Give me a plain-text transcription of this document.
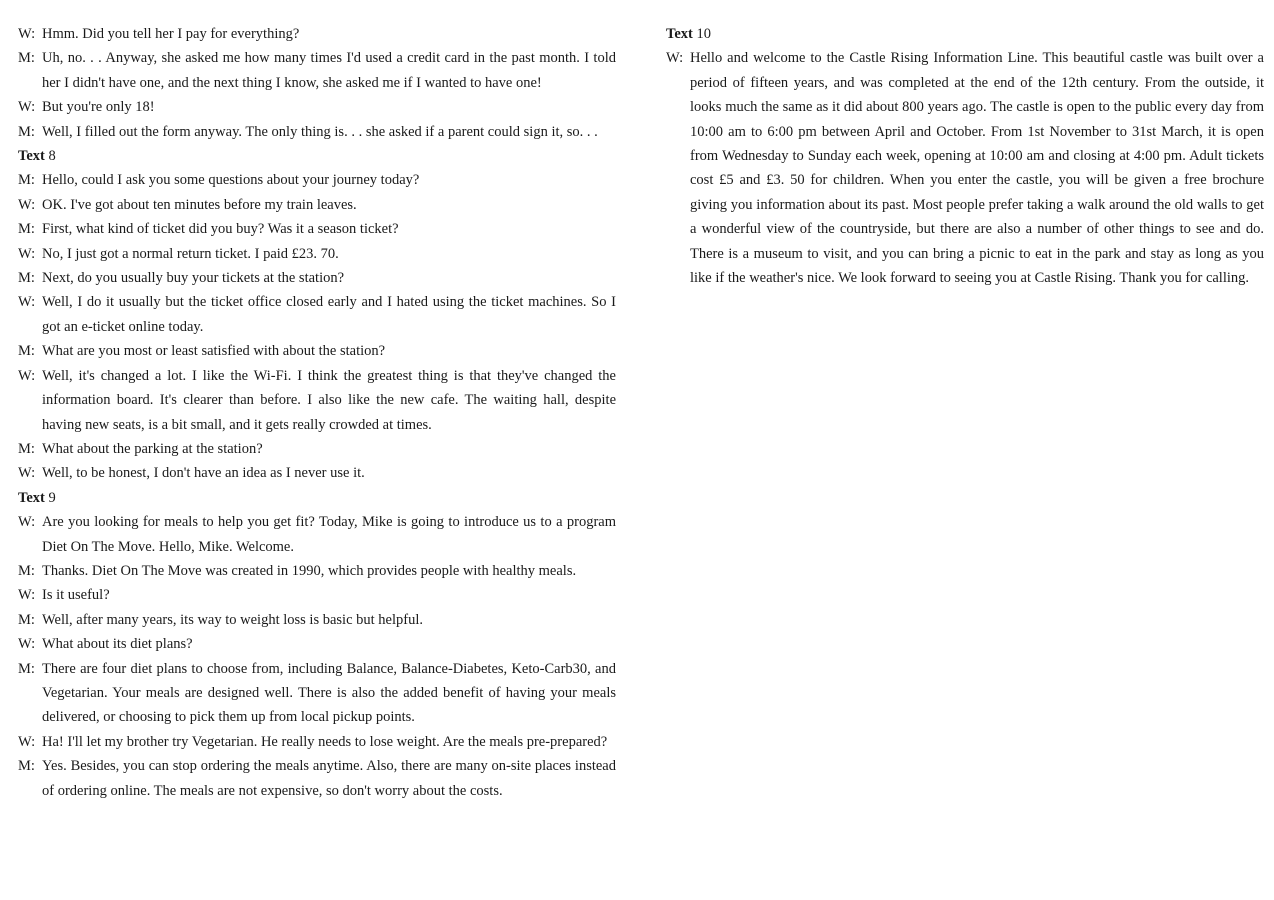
W: Hmm. Did you tell her I pay for everything?
M: Uh, no. . . Anyway, she asked me how many times I'd used a credit card in the past month. I told her I didn't have one, and the next thing I know, she asked me if I wanted to have one!
W: But you're only 18!
M: Well, I filled out the form anyway. The only thing is. . . she asked if a parent could sign it, so. . .
Text 8
M: Hello, could I ask you some questions about your journey today?
W: OK. I've got about ten minutes before my train leaves.
M: First, what kind of ticket did you buy? Was it a season ticket?
W: No, I just got a normal return ticket. I paid £23. 70.
M: Next, do you usually buy your tickets at the station?
W: Well, I do it usually but the ticket office closed early and I hated using the ticket machines. So I got an e-ticket online today.
M: What are you most or least satisfied with about the station?
W: Well, it's changed a lot. I like the Wi-Fi. I think the greatest thing is that they've changed the information board. It's clearer than before. I also like the new cafe. The waiting hall, despite having new seats, is a bit small, and it gets really crowded at times.
M: What about the parking at the station?
W: Well, to be honest, I don't have an idea as I never use it.
Text 9
W: Are you looking for meals to help you get fit? Today, Mike is going to introduce us to a program Diet On The Move. Hello, Mike. Welcome.
M: Thanks. Diet On The Move was created in 1990, which provides people with healthy meals.
W: Is it useful?
M: Well, after many years, its way to weight loss is basic but helpful.
W: What about its diet plans?
M: There are four diet plans to choose from, including Balance, Balance-Diabetes, Keto-Carb30, and Vegetarian. Your meals are designed well. There is also the added benefit of having your meals delivered, or choosing to pick them up from local pickup points.
W: Ha! I'll let my brother try Vegetarian. He really needs to lose weight. Are the meals pre-prepared?
M: Yes. Besides, you can stop ordering the meals anytime. Also, there are many on-site places instead of ordering online. The meals are not expensive, so don't worry about the costs.
Text 10
W: Hello and welcome to the Castle Rising Information Line. This beautiful castle was built over a period of fifteen years, and was completed at the end of the 12th century. From the outside, it looks much the same as it did about 800 years ago. The castle is open to the public every day from 10:00 am to 6:00 pm between April and October. From 1st November to 31st March, it is open from Wednesday to Sunday each week, opening at 10:00 am and closing at 4:00 pm. Adult tickets cost £5 and £3. 50 for children. When you enter the castle, you will be given a free brochure giving you information about its past. Most people prefer taking a walk around the old walls to get a wonderful view of the countryside, but there are also a number of other things to see and do. There is a museum to visit, and you can bring a picnic to eat in the park and stay as long as you like if the weather's nice. We look forward to seeing you at Castle Rising. Thank you for calling.
